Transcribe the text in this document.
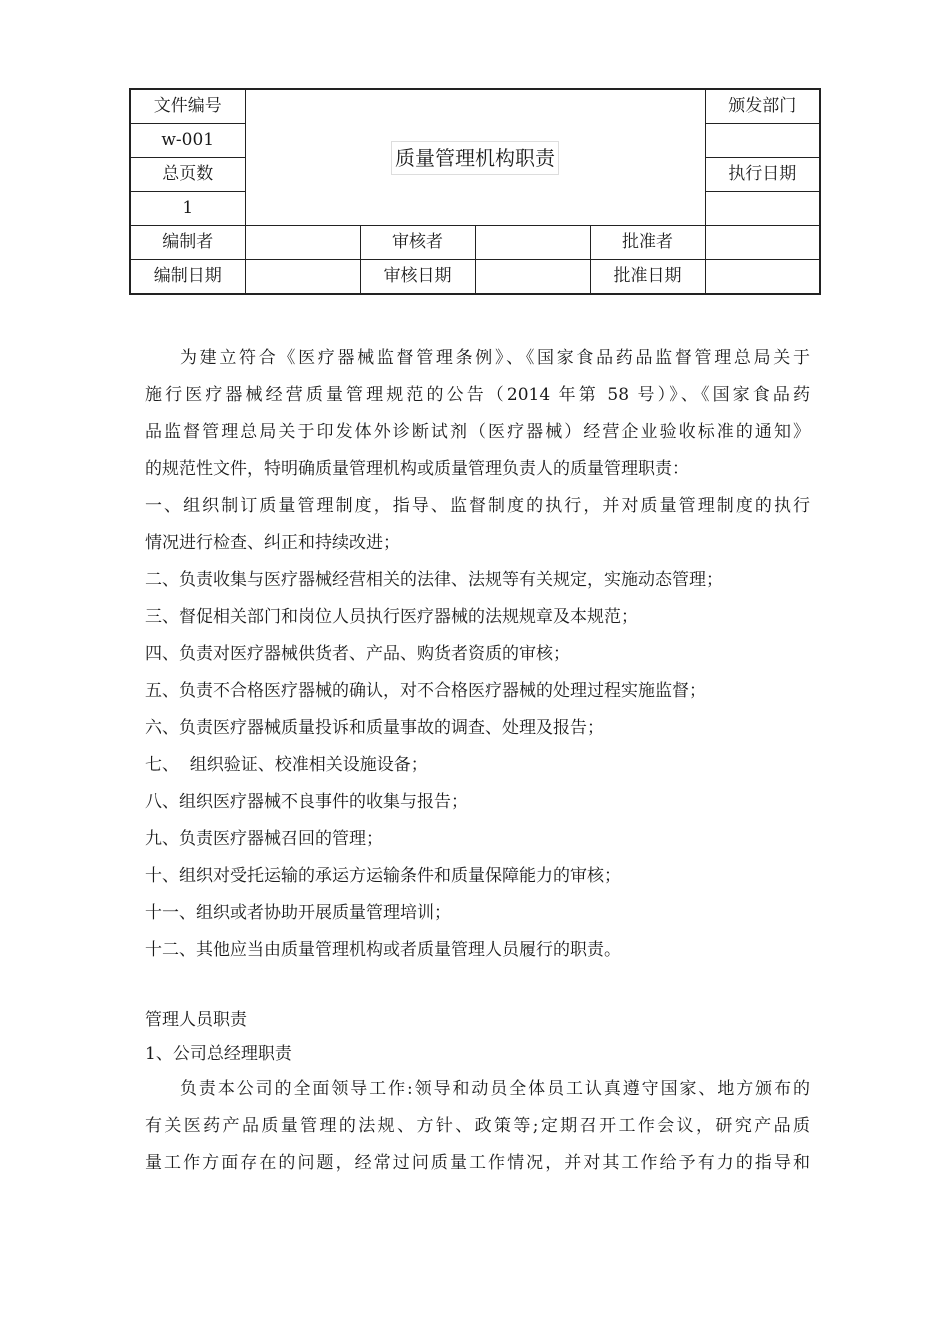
文件编号	质量管理机构职责				颁发部门
w-001					
总页数					执行日期
1					
编制者		审核者		批准者	
编制日期		审核日期		批准日期	
为建立符合《医疗器械监督管理条例》、《国家食品药品监督管理总局关于
施行医疗器械经营质量管理规范的公告（2014 年第 58 号）》、《国家食品药
品监督管理总局关于印发体外诊断试剂（医疗器械）经营企业验收标准的通知》
的规范性文件，特明确质量管理机构或质量管理负责人的质量管理职责：
一、组织制订质量管理制度，指导、监督制度的执行，并对质量管理制度的执行
情况进行检查、纠正和持续改进；
二、负责收集与医疗器械经营相关的法律、法规等有关规定，实施动态管理；
三、督促相关部门和岗位人员执行医疗器械的法规规章及本规范；
四、负责对医疗器械供货者、产品、购货者资质的审核；
五、负责不合格医疗器械的确认，对不合格医疗器械的处理过程实施监督；
六、负责医疗器械质量投诉和质量事故的调查、处理及报告；
七、  组织验证、校准相关设施设备；
八、组织医疗器械不良事件的收集与报告；
九、负责医疗器械召回的管理；
十、组织对受托运输的承运方运输条件和质量保障能力的审核；
十一、组织或者协助开展质量管理培训；
十二、其他应当由质量管理机构或者质量管理人员履行的职责。
管理人员职责
1、公司总经理职责
负责本公司的全面领导工作:领导和动员全体员工认真遵守国家、地方颁布的
有关医药产品质量管理的法规、方针、政策等;定期召开工作会议，研究产品质
量工作方面存在的问题，经常过问质量工作情况，并对其工作给予有力的指导和
